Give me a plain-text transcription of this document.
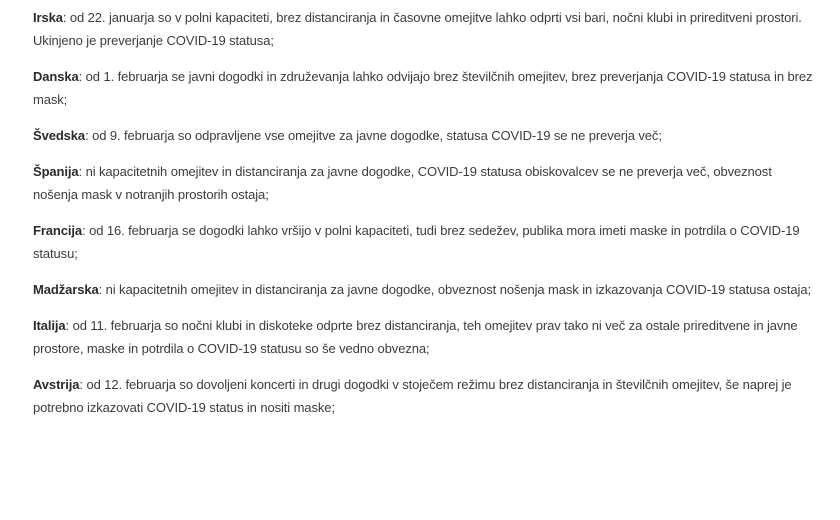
Irska: od 22. januarja so v polni kapaciteti, brez distanciranja in časovne omejitve lahko odprti vsi bari, nočni klubi in prireditveni prostori. Ukinjeno je preverjanje COVID-19 statusa;

Danska: od 1. februarja se javni dogodki in združevanja lahko odvijajo brez številčnih omejitev, brez preverjanja COVID-19 statusa in brez mask;

Švedska: od 9. februarja so odpravljene vse omejitve za javne dogodke, statusa COVID-19 se ne preverja več;

Španija: ni kapacitetnih omejitev in distanciranja za javne dogodke, COVID-19 statusa obiskovalcev se ne preverja več, obveznost nošenja mask v notranjih prostorih ostaja;

Francija: od 16. februarja se dogodki lahko vršijo v polni kapaciteti, tudi brez sedežev, publika mora imeti maske in potrdila o COVID-19 statusu;

Madžarska: ni kapacitetnih omejitev in distanciranja za javne dogodke, obveznost nošenja mask in izkazovanja COVID-19 statusa ostaja;

Italija: od 11. februarja so nočni klubi in diskoteke odprte brez distanciranja, teh omejitev prav tako ni več za ostale prireditvene in javne prostore, maske in potrdila o COVID-19 statusu so še vedno obvezna;

Avstrija: od 12. februarja so dovoljeni koncerti in drugi dogodki v stoječem režimu brez distanciranja in številčnih omejitev, še naprej je potrebno izkazovati COVID-19 status in nositi maske;
